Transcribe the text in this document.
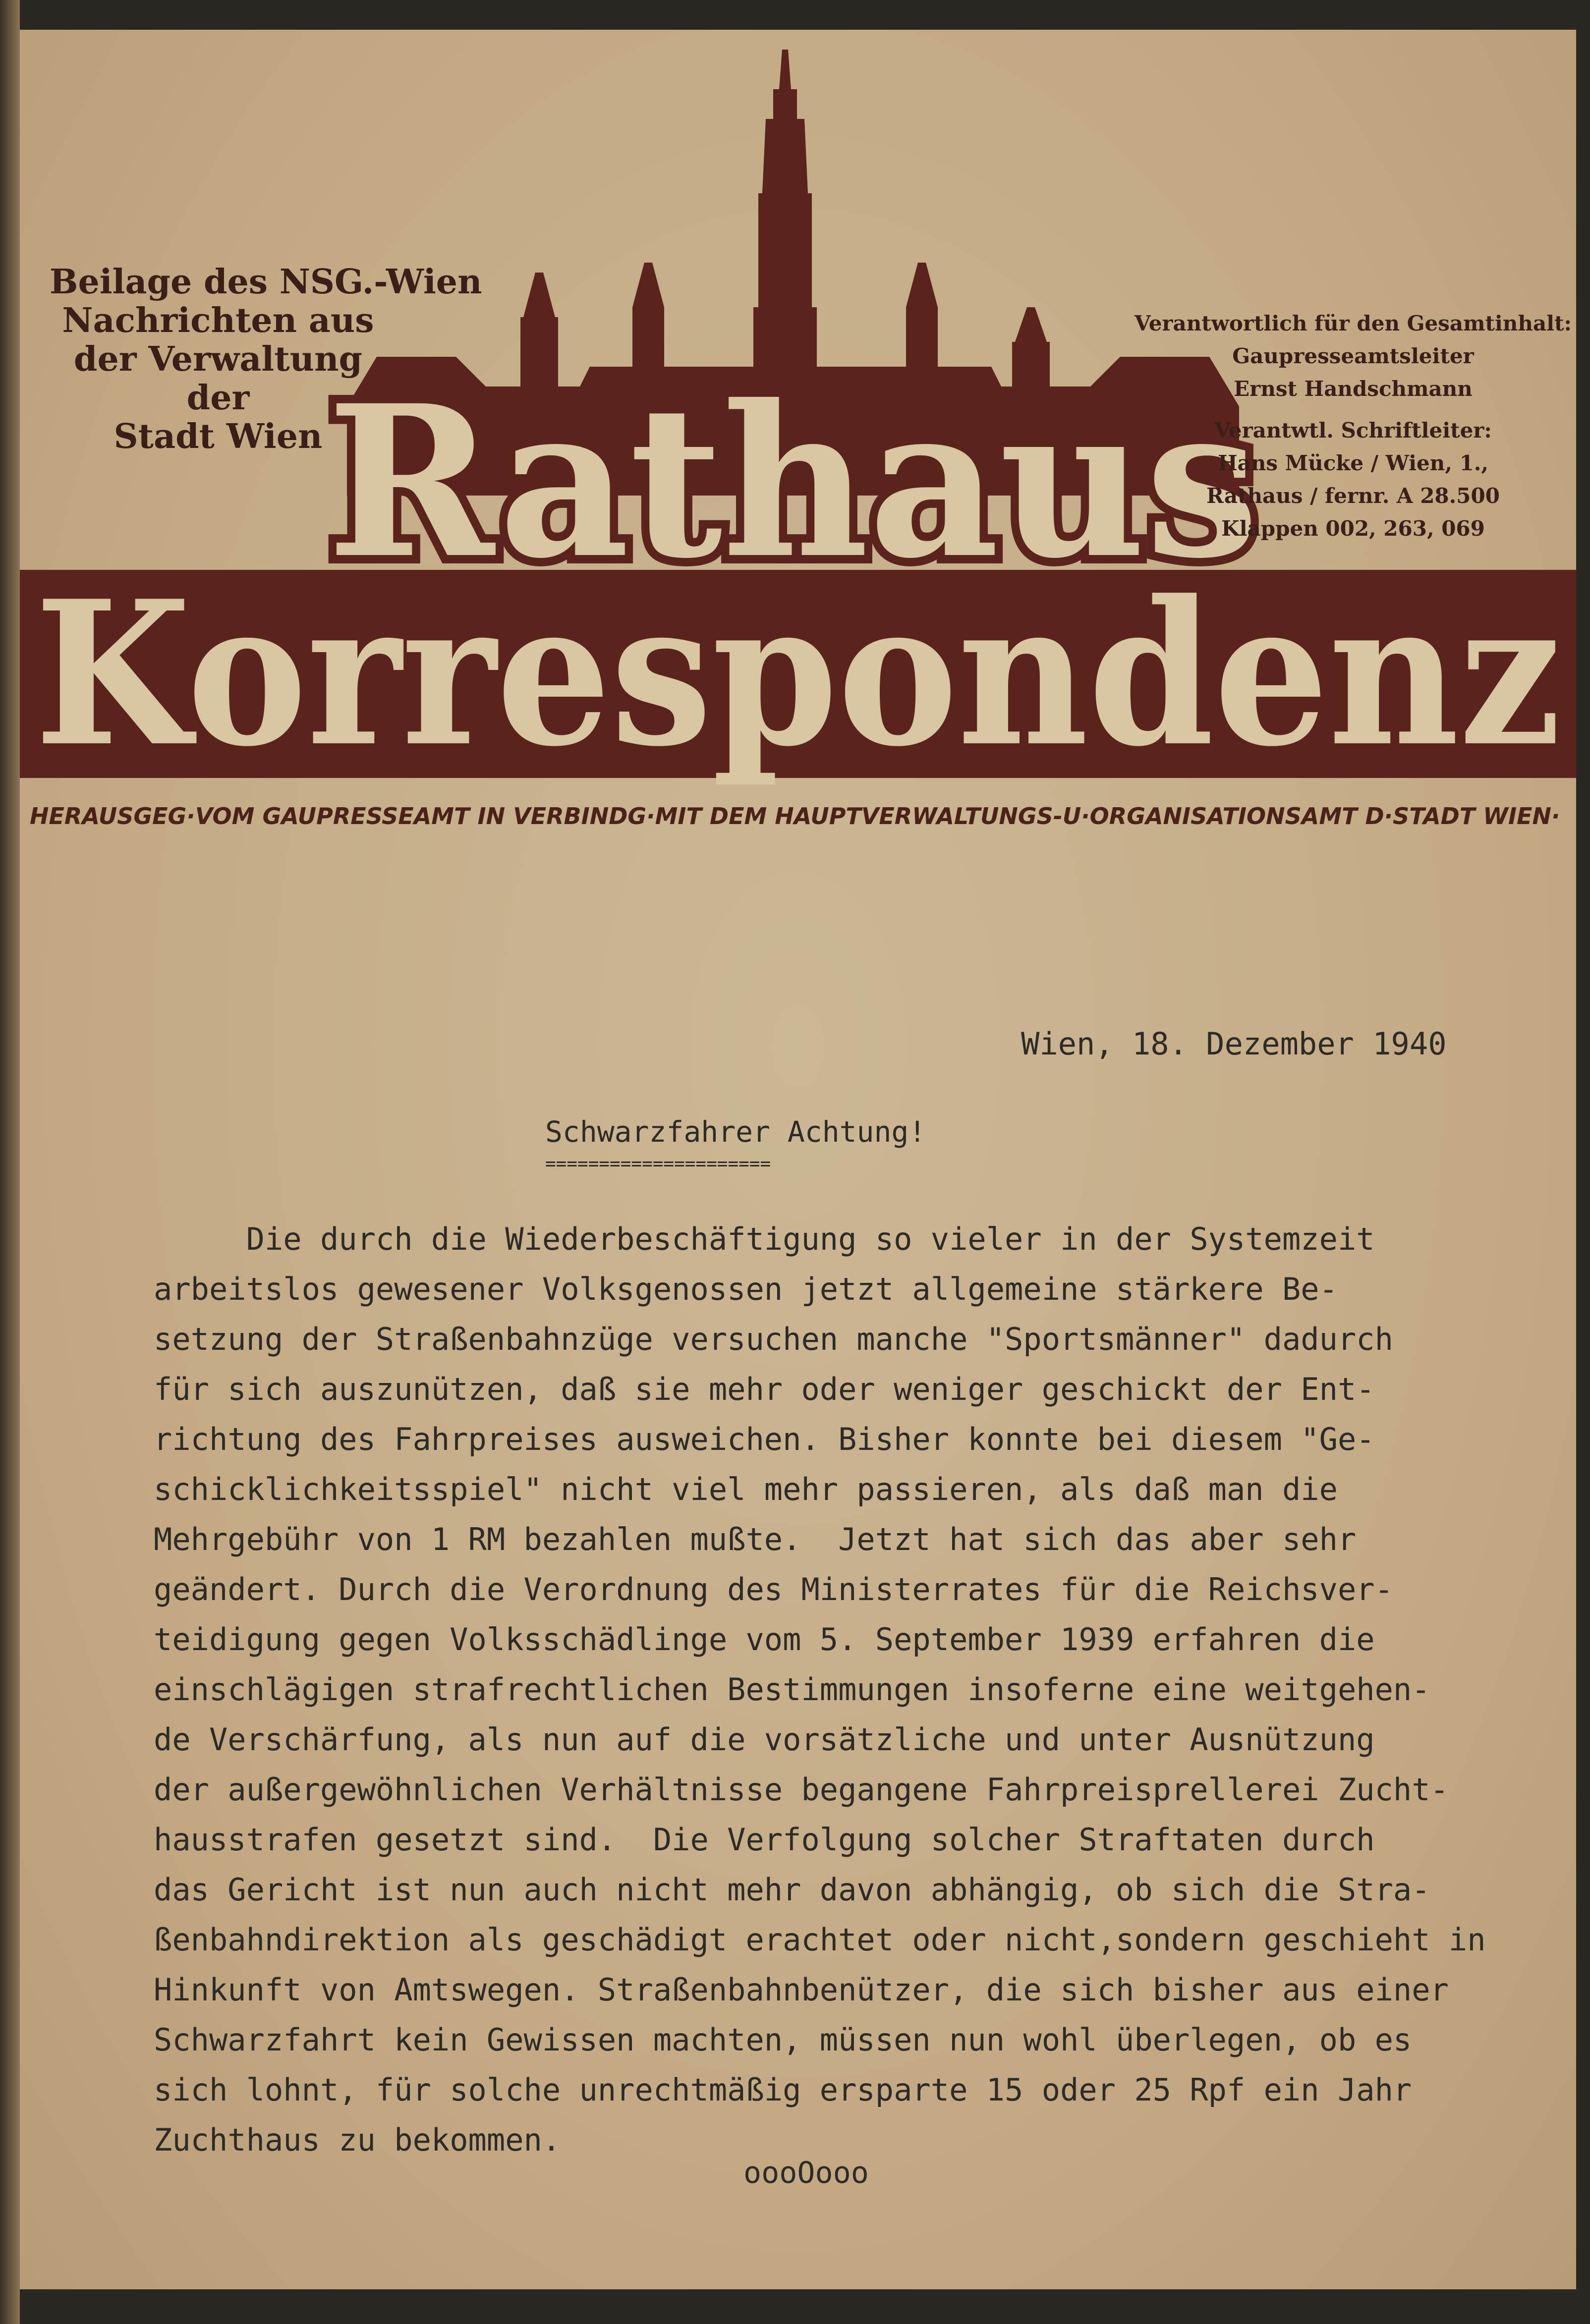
Rathaus
Korrespondenz
Beilage des NSG.-Wien
Nachrichten aus
der Verwaltung
der
Stadt Wien
Verantwortlich für den Gesamtinhalt:
Gaupresseamtsleiter
Ernst Handschmann
Verantwtl. Schriftleiter:
Hans Mücke / Wien, 1.,
Rathaus / fernr. A 28.500
Klappen 002, 263, 069
HERAUSGEG·VOM GAUPRESSEAMT IN VERBINDG·MIT DEM HAUPTVERWALTUNGS-U·ORGANISATIONSAMT D·STADT WIEN·
Wien, 18. Dezember 1940
Schwarzfahrer Achtung!
=====================
Die durch die Wiederbeschäftigung so vieler in der Systemzeit
arbeitslos gewesener Volksgenossen jetzt allgemeine stärkere Be-
setzung der Straßenbahnzüge versuchen manche "Sportsmänner" dadurch
für sich auszunützen, daß sie mehr oder weniger geschickt der Ent-
richtung des Fahrpreises ausweichen. Bisher konnte bei diesem "Ge-
schicklichkeitsspiel" nicht viel mehr passieren, als daß man die
Mehrgebühr von 1 RM bezahlen mußte.  Jetzt hat sich das aber sehr
geändert. Durch die Verordnung des Ministerrates für die Reichsver-
teidigung gegen Volksschädlinge vom 5. September 1939 erfahren die
einschlägigen strafrechtlichen Bestimmungen insoferne eine weitgehen-
de Verschärfung, als nun auf die vorsätzliche und unter Ausnützung
der außergewöhnlichen Verhältnisse begangene Fahrpreisprellerei Zucht-
hausstrafen gesetzt sind.  Die Verfolgung solcher Straftaten durch
das Gericht ist nun auch nicht mehr davon abhängig, ob sich die Stra-
ßenbahndirektion als geschädigt erachtet oder nicht,sondern geschieht in
Hinkunft von Amtswegen. Straßenbahnbenützer, die sich bisher aus einer
Schwarzfahrt kein Gewissen machten, müssen nun wohl überlegen, ob es
sich lohnt, für solche unrechtmäßig ersparte 15 oder 25 Rpf ein Jahr
Zuchthaus zu bekommen.
oooOooo
